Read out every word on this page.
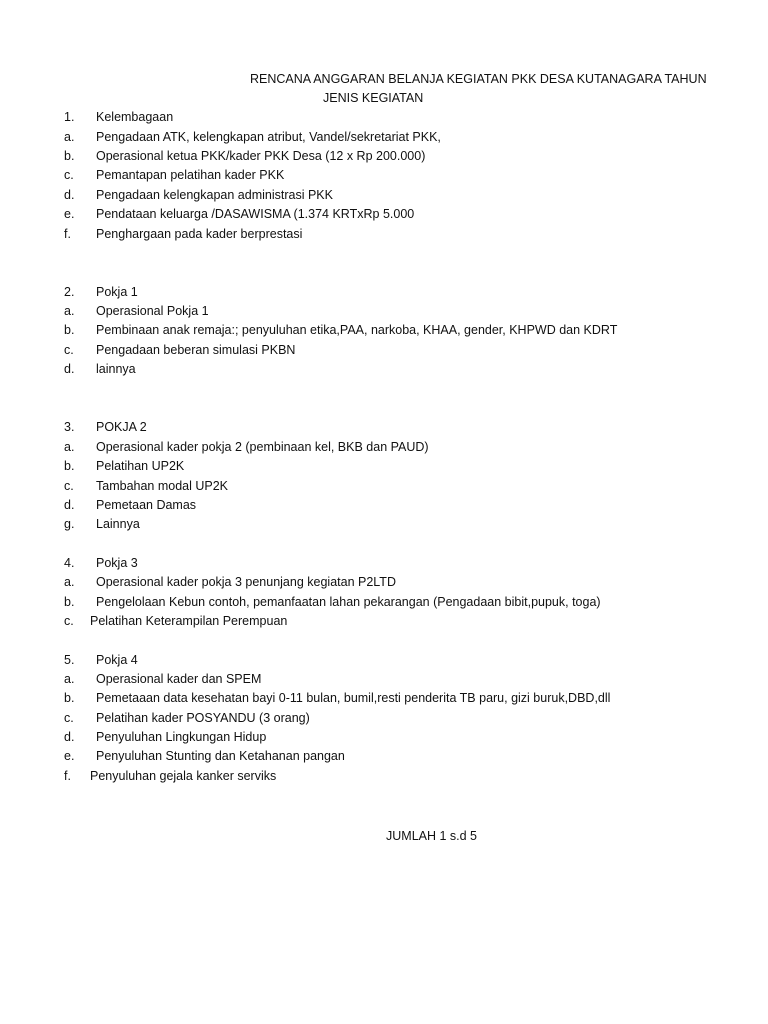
RENCANA ANGGARAN BELANJA KEGIATAN PKK DESA KUTANAGARA TAHUN
JENIS KEGIATAN
1. Kelembagaan
a. Pengadaan ATK, kelengkapan atribut, Vandel/sekretariat PKK,
b. Operasional ketua PKK/kader PKK Desa (12 x Rp 200.000)
c. Pemantapan pelatihan kader PKK
d. Pengadaan kelengkapan administrasi PKK
e. Pendataan keluarga /DASAWISMA (1.374 KRTxRp 5.000
f. Penghargaan pada kader berprestasi
2. Pokja 1
a. Operasional Pokja 1
b. Pembinaan anak remaja:; penyuluhan etika,PAA, narkoba, KHAA, gender, KHPWD dan KDRT
c. Pengadaan beberan simulasi PKBN
d. lainnya
3. POKJA 2
a. Operasional kader pokja 2 (pembinaan kel, BKB dan PAUD)
b. Pelatihan UP2K
c. Tambahan modal UP2K
d. Pemetaan Damas
g. Lainnya
4. Pokja 3
a. Operasional kader pokja 3 penunjang kegiatan P2LTD
b. Pengelolaan Kebun contoh, pemanfaatan lahan pekarangan (Pengadaan bibit,pupuk, toga)
c. Pelatihan Keterampilan Perempuan
5. Pokja 4
a. Operasional kader dan SPEM
b. Pemetaaan data kesehatan bayi 0-11 bulan, bumil,resti penderita TB paru, gizi buruk,DBD,dll
c. Pelatihan kader POSYANDU (3 orang)
d. Penyuluhan Lingkungan Hidup
e. Penyuluhan Stunting dan Ketahanan pangan
f. Penyuluhan gejala kanker serviks
JUMLAH 1 s.d 5
